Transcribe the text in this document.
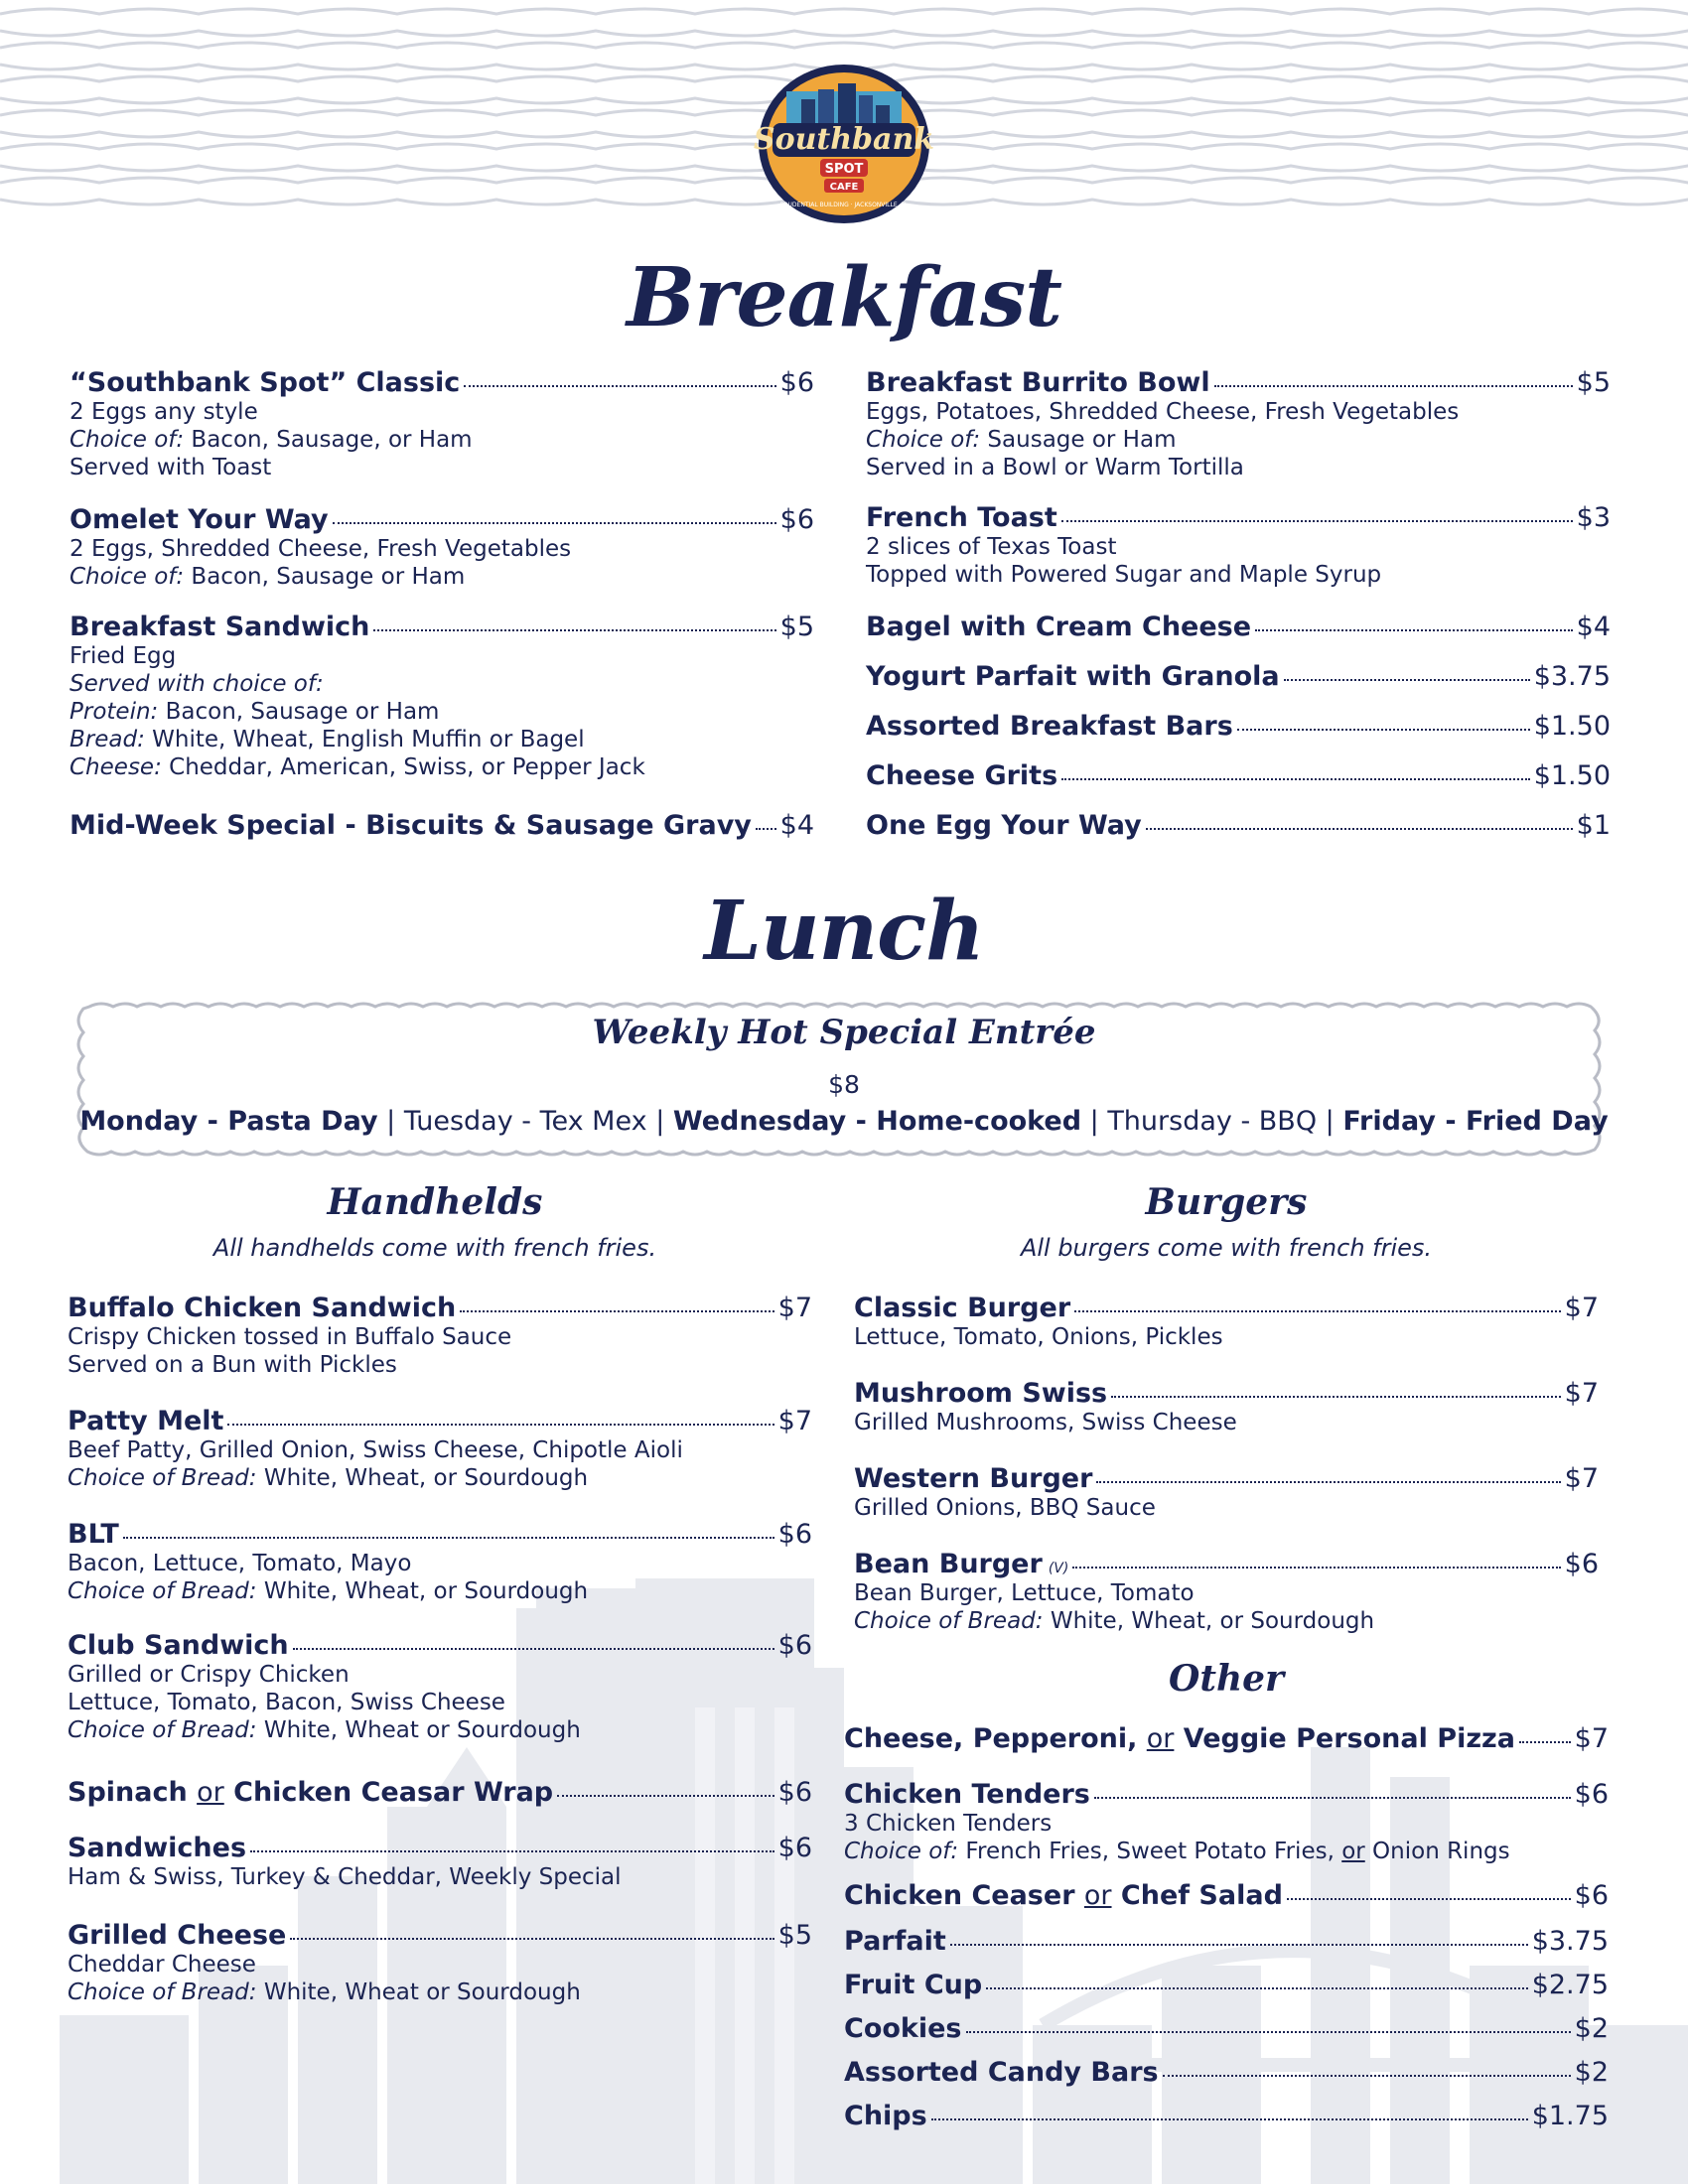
Southbank
SPOT
CAFE
PRUDENTIAL BUILDING · JACKSONVILLE, FL
Breakfast
“Southbank Spot” Classic	$6
2 Eggs any style
Choice of: Bacon, Sausage, or Ham
Served with Toast
Omelet Your Way	$6
2 Eggs, Shredded Cheese, Fresh Vegetables
Choice of: Bacon, Sausage or Ham
Breakfast Sandwich	$5
Fried Egg
Served with choice of:
Protein: Bacon, Sausage or Ham
Bread: White, Wheat, English Muffin or Bagel
Cheese: Cheddar, American, Swiss, or Pepper Jack
Mid-Week Special - Biscuits & Sausage Gravy $4
Breakfast Burrito Bowl	$5
Eggs, Potatoes, Shredded Cheese, Fresh Vegetables
Choice of: Sausage or Ham
Served in a Bowl or Warm Tortilla
French Toast	$3
2 slices of Texas Toast
Topped with Powered Sugar and Maple Syrup
Bagel with Cream Cheese	$4
Yogurt Parfait with Granola	$3.75
Assorted Breakfast Bars	$1.50
Cheese Grits	$1.50
One Egg Your Way	$1
Lunch
Weekly Hot Special Entrée
$8
Monday - Pasta Day | Tuesday - Tex Mex | Wednesday - Home-cooked | Thursday - BBQ | Friday - Fried Day
Handhelds
All handhelds come with french fries.
Buffalo Chicken Sandwich	$7
Crispy Chicken tossed in Buffalo Sauce
Served on a Bun with Pickles
Patty Melt	$7
Beef Patty, Grilled Onion, Swiss Cheese, Chipotle Aioli
Choice of Bread: White, Wheat, or Sourdough
BLT	$6
Bacon, Lettuce, Tomato, Mayo
Choice of Bread: White, Wheat, or Sourdough
Club Sandwich	$6
Grilled or Crispy Chicken
Lettuce, Tomato, Bacon, Swiss Cheese
Choice of Bread: White, Wheat or Sourdough
Spinach or Chicken Ceasar Wrap	$6
Sandwiches	$6
Ham & Swiss, Turkey & Cheddar, Weekly Special
Grilled Cheese	$5
Cheddar Cheese
Choice of Bread: White, Wheat or Sourdough
Burgers
All burgers come with french fries.
Classic Burger	$7
Lettuce, Tomato, Onions, Pickles
Mushroom Swiss	$7
Grilled Mushrooms, Swiss Cheese
Western Burger	$7
Grilled Onions, BBQ Sauce
Bean Burger (V)	$6
Bean Burger, Lettuce, Tomato
Choice of Bread: White, Wheat, or Sourdough
Other
Cheese, Pepperoni, or Veggie Personal Pizza $7
Chicken Tenders	$6
3 Chicken Tenders
Choice of: French Fries, Sweet Potato Fries, or Onion Rings
Chicken Ceaser or Chef Salad	$6
Parfait	$3.75
Fruit Cup	$2.75
Cookies	$2
Assorted Candy Bars	$2
Chips	$1.75
